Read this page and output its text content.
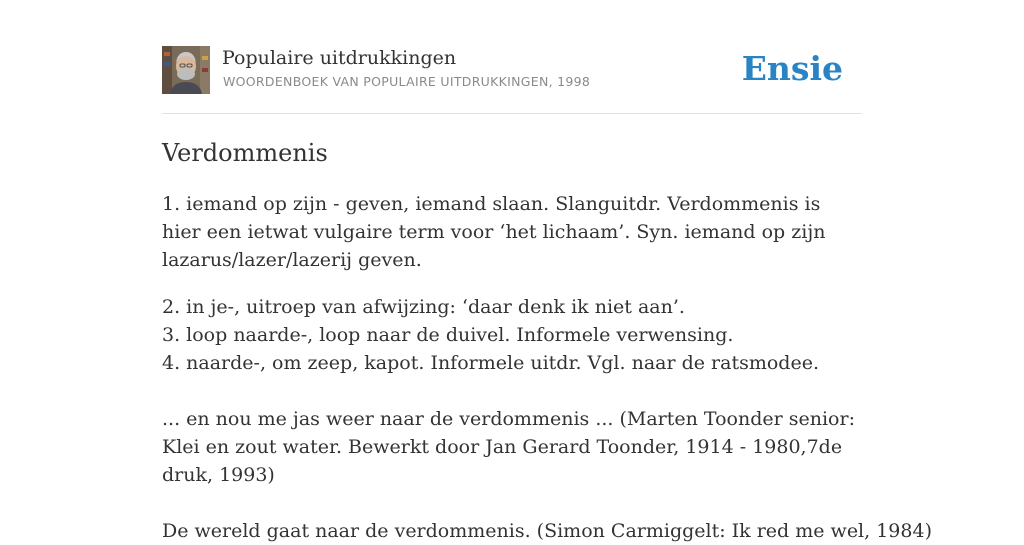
Populaire uitdrukkingen
WOORDENBOEK VAN POPULAIRE UITDRUKKINGEN, 1998	Ensie
Verdommenis

1. iemand op zijn - geven, iemand slaan. Slanguitdr. Verdommenis is hier een ietwat vulgaire term voor ‘het lichaam’. Syn. iemand op zijn lazarus/lazer/lazerij geven.

2. in je-, uitroep van afwijzing: ‘daar denk ik niet aan’.

3. loop naarde-, loop naar de duivel. Informele verwensing.

4. naarde-, om zeep, kapot. Informele uitdr. Vgl. naar de ratsmodee.

... en nou me jas weer naar de verdommenis ... (Marten Toonder senior: Klei en zout water. Bewerkt door Jan Gerard Toonder, 1914 - 1980,7de druk, 1993)

De wereld gaat naar de verdommenis. (Simon Carmiggelt: Ik red me wel, 1984)
